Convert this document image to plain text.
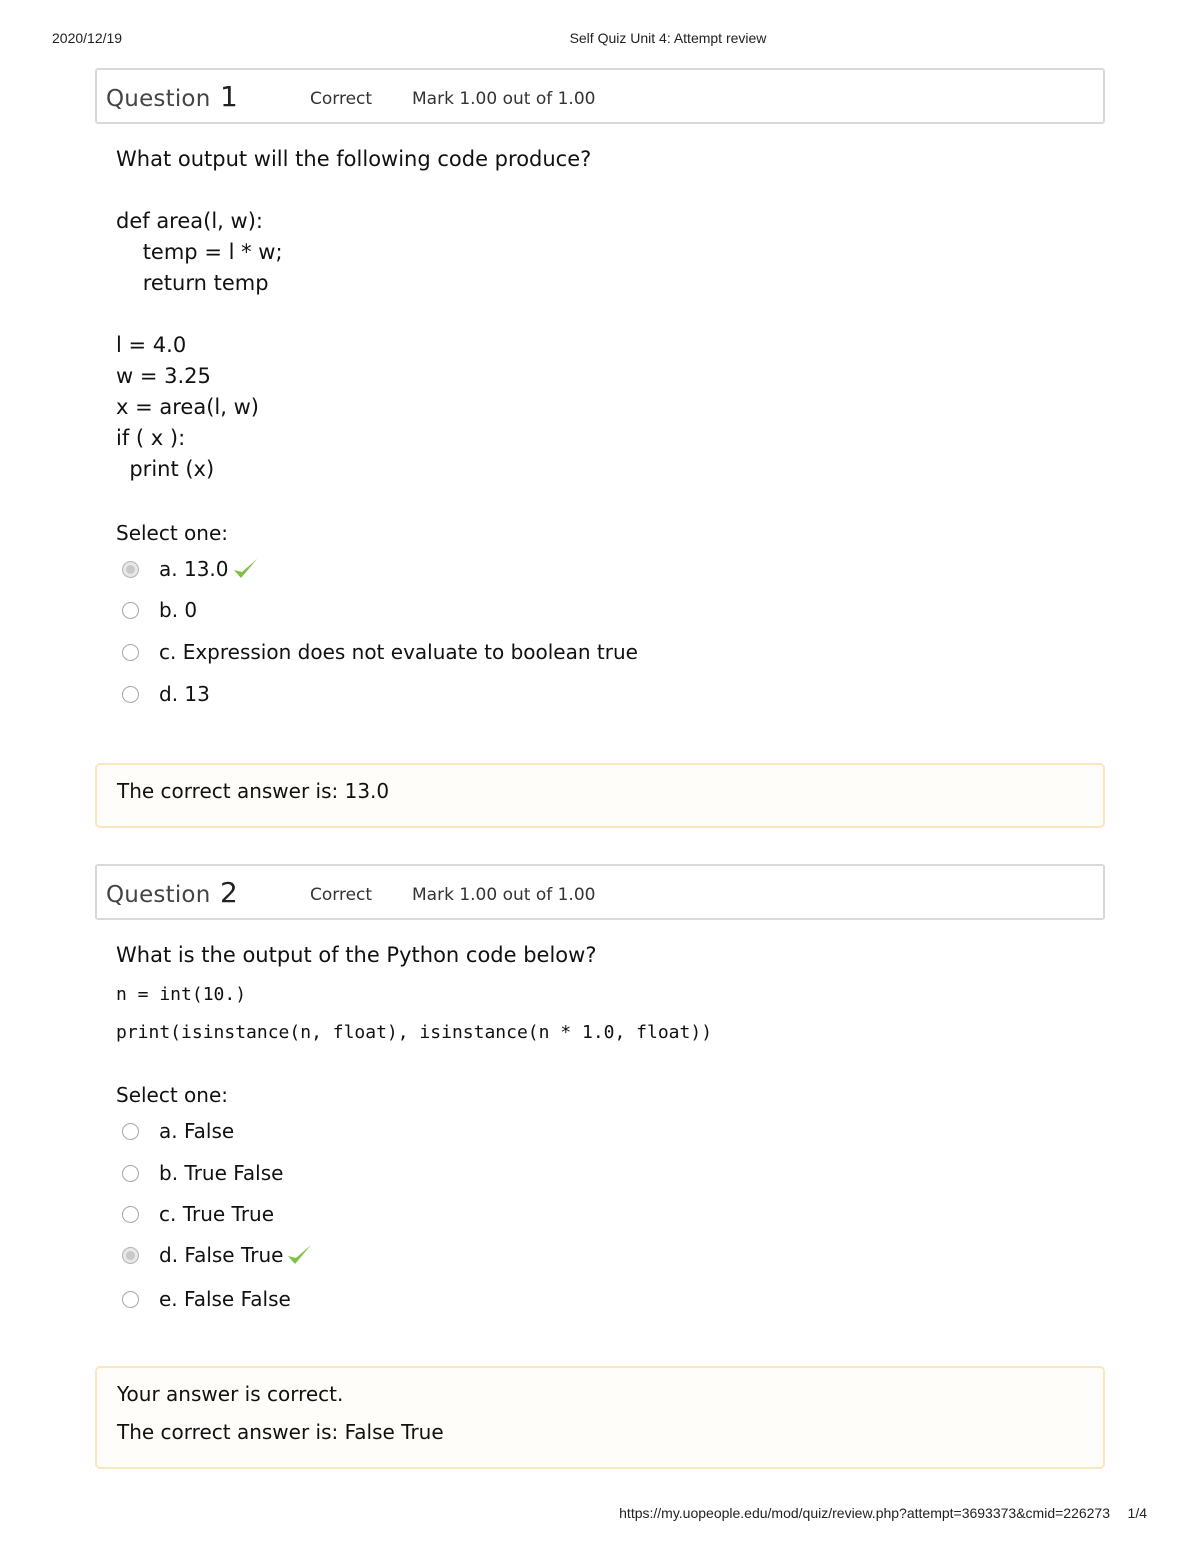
2020/12/19	Self Quiz Unit 4: Attempt review
Question 1	Correct Mark 1.00 out of 1.00
What output will the following code produce?
def area(l, w):
temp = l * w;
return temp
l = 4.0
w = 3.25
x = area(l, w)
if ( x ):
print (x)
Select one:
a. 13.0
b. 0
c. Expression does not evaluate to boolean true
d. 13
The correct answer is: 13.0
Question 2	Correct Mark 1.00 out of 1.00
What is the output of the Python code below?
n = int(10.)
print(isinstance(n, float), isinstance(n * 1.0, float))
Select one:
a. False
b. True False
c. True True
d. False True
e. False False
Your answer is correct.
The correct answer is: False True
https://my.uopeople.edu/mod/quiz/review.php?attempt=3693373&cmid=226273 1/4
